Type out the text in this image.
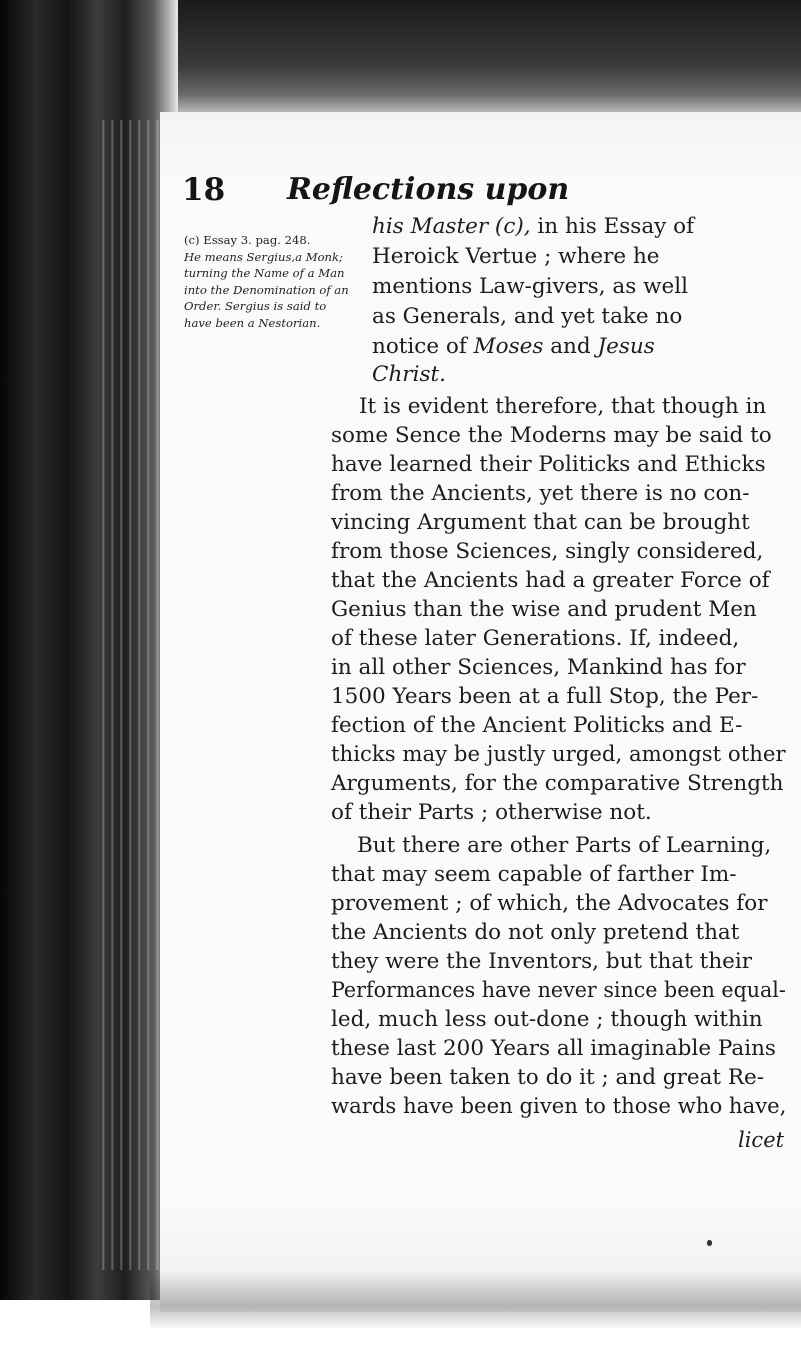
18 Reflections upon
(c) Essay 3. pag. 248.
He means Sergius,a Monk;
turning the Name of a Man
into the Denomination of an
Order. Sergius is said to
have been a Nestorian.
his Master (c), in his Essay of
Heroick Vertue ; where he
mentions Law-givers, as well
as Generals, and yet take no
notice of Moses and Jesus
Christ.
It is evident therefore, that though in
some Sence the Moderns may be said to
have learned their Politicks and Ethicks
from the Ancients, yet there is no con-
vincing Argument that can be brought
from those Sciences, singly considered,
that the Ancients had a greater Force of
Genius than the wise and prudent Men
of these later Generations. If, indeed,
in all other Sciences, Mankind has for
1500 Years been at a full Stop, the Per-
fection of the Ancient Politicks and E-
thicks may be justly urged, amongst other
Arguments, for the comparative Strength
of their Parts ; otherwise not.
But there are other Parts of Learning,
that may seem capable of farther Im-
provement ; of which, the Advocates for
the Ancients do not only pretend that
they were the Inventors, but that their
Performances have never since been equal-
led, much less out-done ; though within
these last 200 Years all imaginable Pains
have been taken to do it ; and great Re-
wards have been given to those who have,
licet
